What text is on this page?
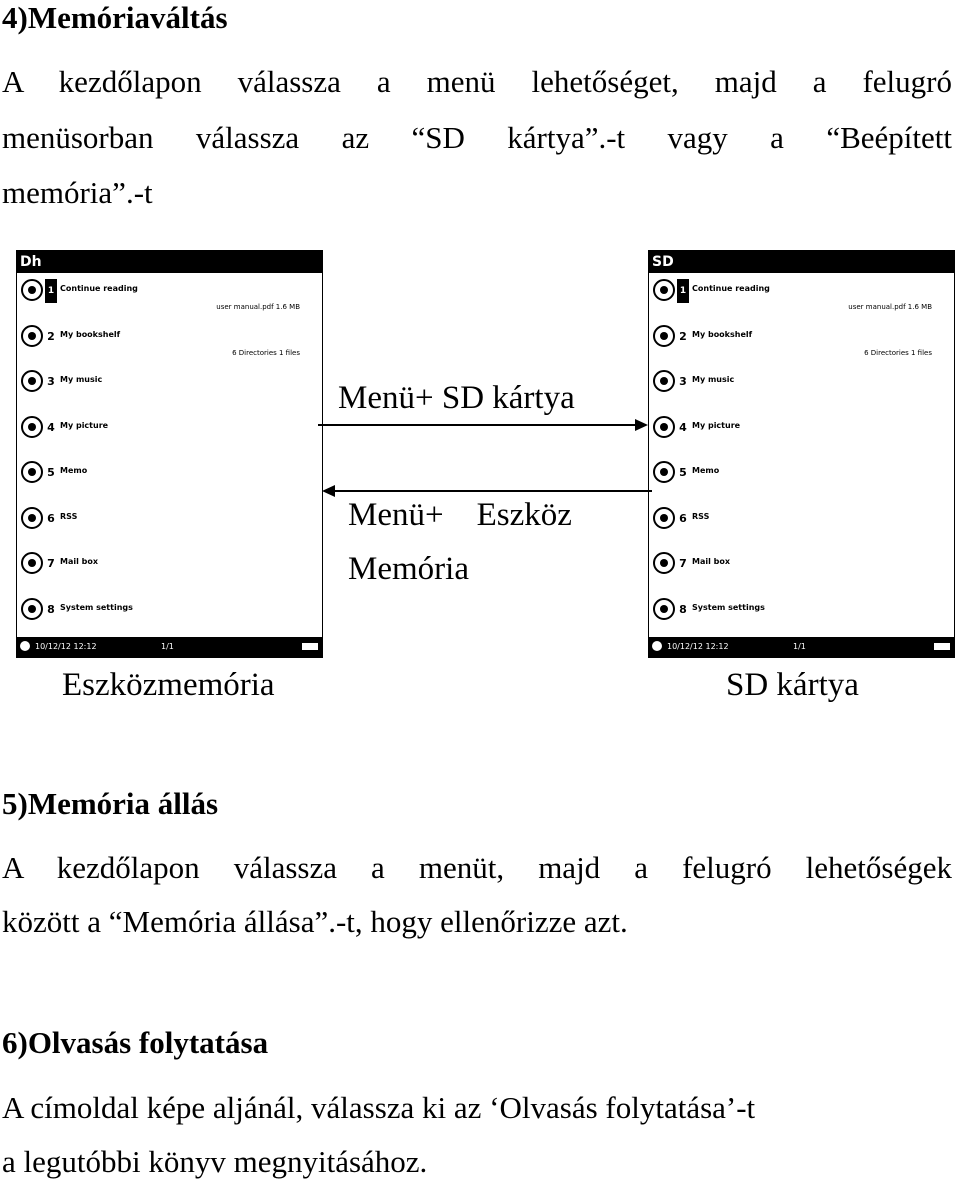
4)Memóriaváltás
A kezdőlapon válassza a menü lehetőséget, majd a felugró
menüsorban válassza az “SD kártya”.-t vagy a “Beépített
memória”.-t
Dh
1 Continue reading
user manual.pdf 1.6 MB
2 My bookshelf
6 Directories 1 files
3 My music
4 My picture
5 Memo
6 RSS
7 Mail box
8 System settings
10/12/12 12:12	1/1
SD
1 Continue reading
user manual.pdf 1.6 MB
2 My bookshelf
6 Directories 1 files
3 My music
4 My picture
5 Memo
6 RSS
7 Mail box
8 System settings
10/12/12 12:12	1/1
Menü+ SD kártya
Menü+    Eszköz
Memória
Eszközmemória	SD kártya
5)Memória állás
A kezdőlapon válassza a menüt, majd a felugró lehetőségek
között a “Memória állása”.-t, hogy ellenőrizze azt.
6)Olvasás folytatása
A címoldal képe aljánál, válassza ki az ‘Olvasás folytatása’-t
a legutóbbi könyv megnyitásához.
